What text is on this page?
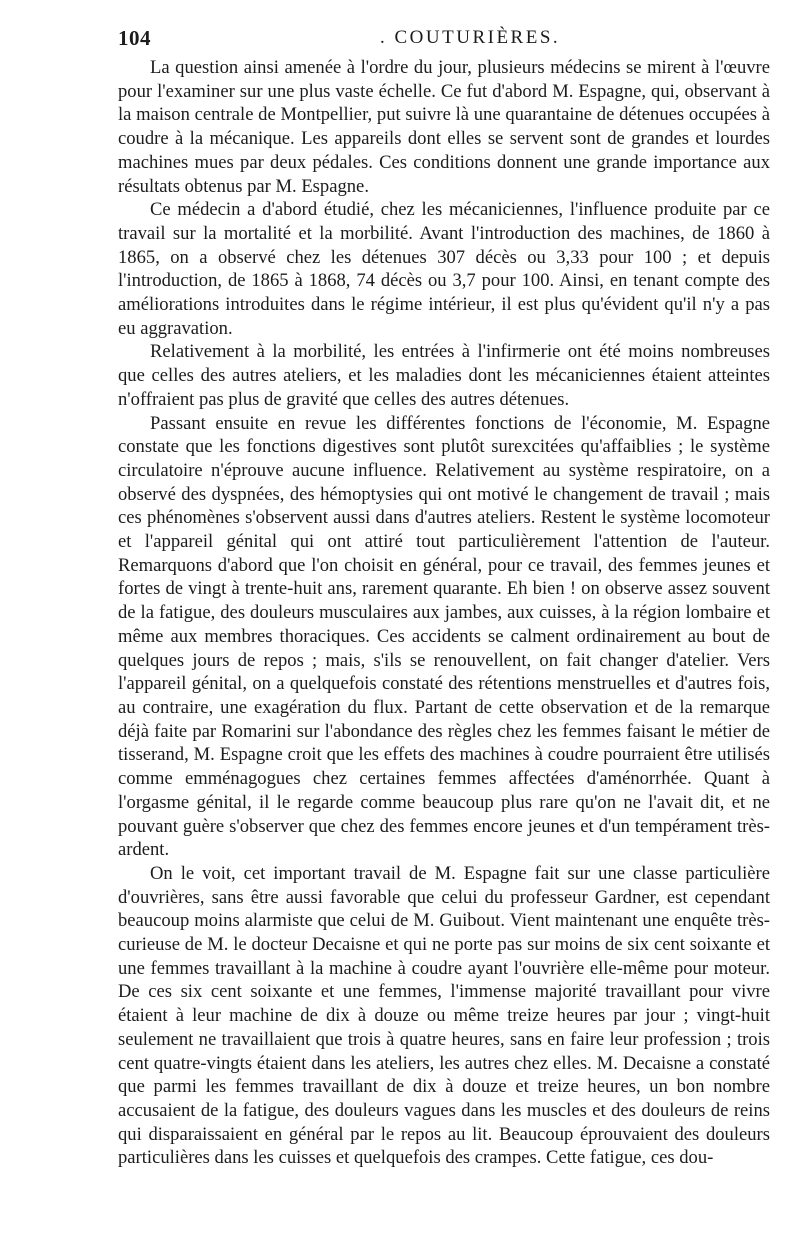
104	. COUTURIÈRES.

La question ainsi amenée à l'ordre du jour, plusieurs médecins se mirent à l'œuvre pour l'examiner sur une plus vaste échelle. Ce fut d'abord M. Espagne, qui, observant à la maison centrale de Montpellier, put suivre là une quarantaine de détenues occupées à coudre à la mécanique. Les appareils dont elles se servent sont de grandes et lourdes machines mues par deux pédales. Ces conditions donnent une grande importance aux résultats obtenus par M. Espagne.

Ce médecin a d'abord étudié, chez les mécaniciennes, l'influence produite par ce travail sur la mortalité et la morbilité. Avant l'introduction des machines, de 1860 à 1865, on a observé chez les détenues 307 décès ou 3,33 pour 100 ; et depuis l'introduction, de 1865 à 1868, 74 décès ou 3,7 pour 100. Ainsi, en tenant compte des améliorations introduites dans le régime intérieur, il est plus qu'évident qu'il n'y a pas eu aggravation.

Relativement à la morbilité, les entrées à l'infirmerie ont été moins nombreuses que celles des autres ateliers, et les maladies dont les mécaniciennes étaient atteintes n'offraient pas plus de gravité que celles des autres détenues.

Passant ensuite en revue les différentes fonctions de l'économie, M. Espagne constate que les fonctions digestives sont plutôt surexcitées qu'affaiblies ; le système circulatoire n'éprouve aucune influence. Relativement au système respiratoire, on a observé des dyspnées, des hémoptysies qui ont motivé le changement de travail ; mais ces phénomènes s'observent aussi dans d'autres ateliers. Restent le système locomoteur et l'appareil génital qui ont attiré tout particulièrement l'attention de l'auteur. Remarquons d'abord que l'on choisit en général, pour ce travail, des femmes jeunes et fortes de vingt à trente-huit ans, rarement quarante. Eh bien ! on observe assez souvent de la fatigue, des douleurs musculaires aux jambes, aux cuisses, à la région lombaire et même aux membres thoraciques. Ces accidents se calment ordinairement au bout de quelques jours de repos ; mais, s'ils se renouvellent, on fait changer d'atelier. Vers l'appareil génital, on a quelquefois constaté des rétentions menstruelles et d'autres fois, au contraire, une exagération du flux. Partant de cette observation et de la remarque déjà faite par Romarini sur l'abondance des règles chez les femmes faisant le métier de tisserand, M. Espagne croit que les effets des machines à coudre pourraient être utilisés comme emménagogues chez certaines femmes affectées d'aménorrhée. Quant à l'orgasme génital, il le regarde comme beaucoup plus rare qu'on ne l'avait dit, et ne pouvant guère s'observer que chez des femmes encore jeunes et d'un tempérament très-ardent.

On le voit, cet important travail de M. Espagne fait sur une classe particulière d'ouvrières, sans être aussi favorable que celui du professeur Gardner, est cependant beaucoup moins alarmiste que celui de M. Guibout. Vient maintenant une enquête très-curieuse de M. le docteur Decaisne et qui ne porte pas sur moins de six cent soixante et une femmes travaillant à la machine à coudre ayant l'ouvrière elle-même pour moteur. De ces six cent soixante et une femmes, l'immense majorité travaillant pour vivre étaient à leur machine de dix à douze ou même treize heures par jour ; vingt-huit seulement ne travaillaient que trois à quatre heures, sans en faire leur profession ; trois cent quatre-vingts étaient dans les ateliers, les autres chez elles. M. Decaisne a constaté que parmi les femmes travaillant de dix à douze et treize heures, un bon nombre accusaient de la fatigue, des douleurs vagues dans les muscles et des douleurs de reins qui disparaissaient en général par le repos au lit. Beaucoup éprouvaient des douleurs particulières dans les cuisses et quelquefois des crampes. Cette fatigue, ces dou-
